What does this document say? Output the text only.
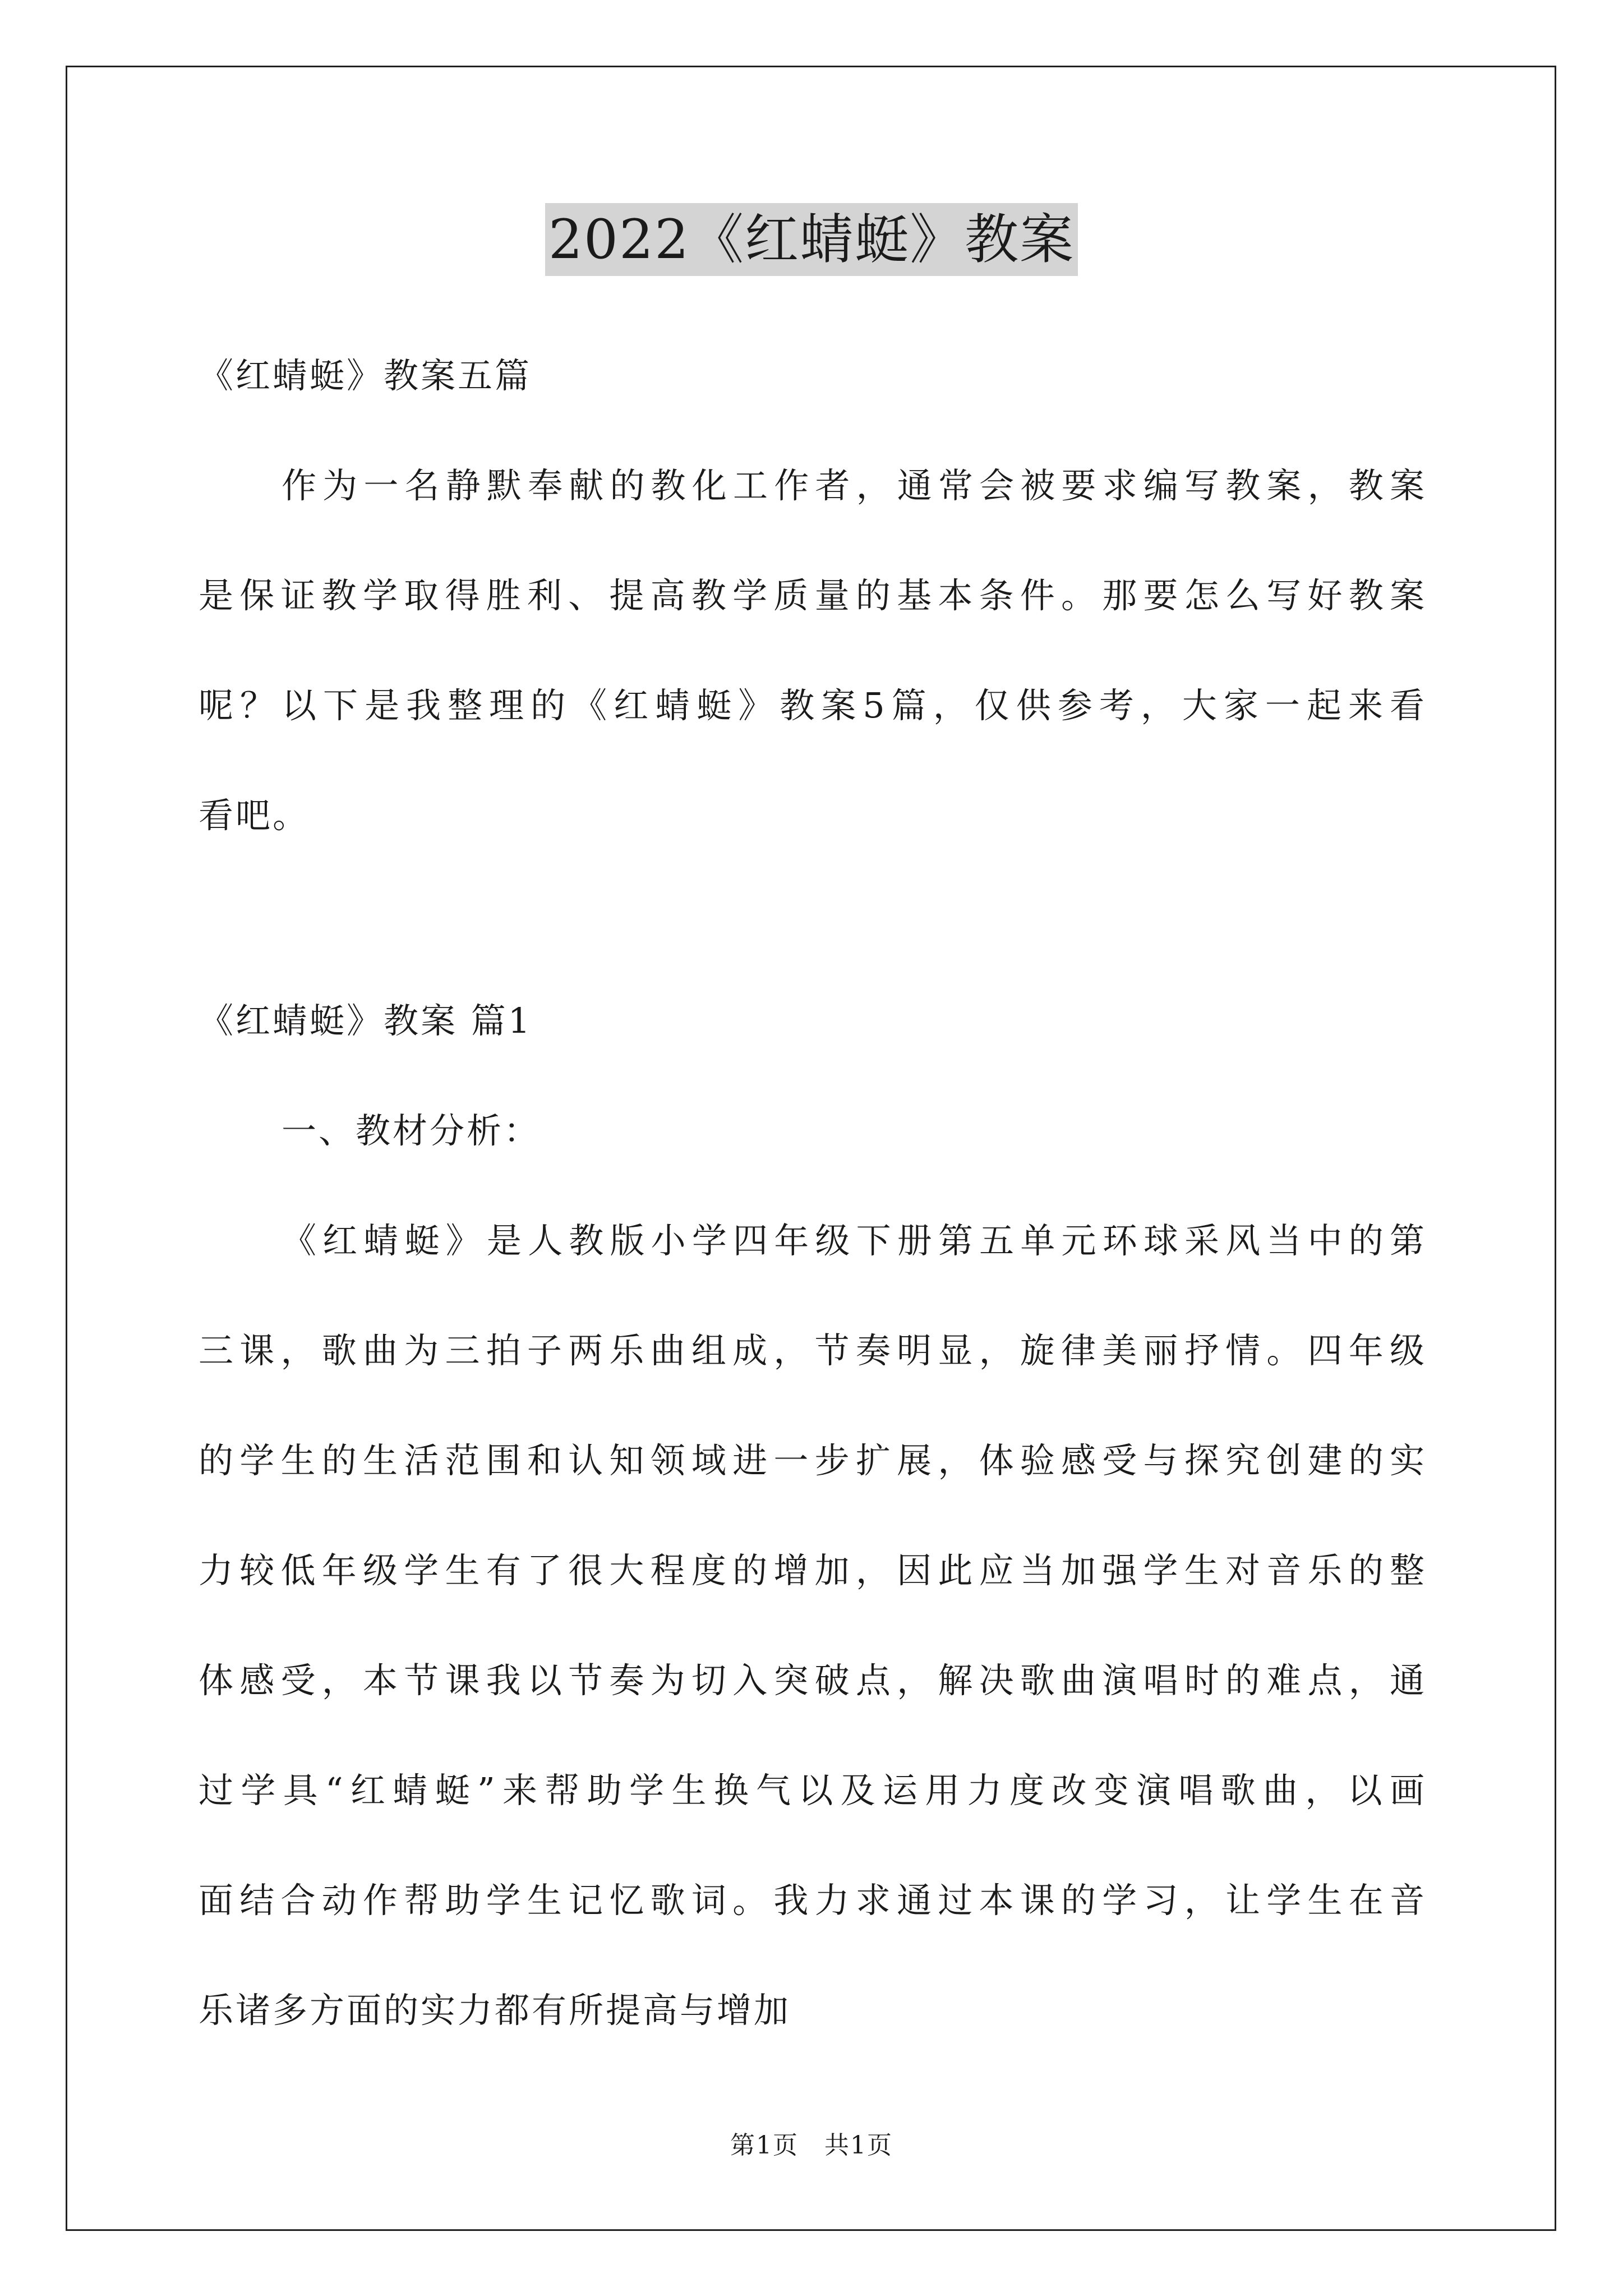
2022《红蜻蜓》教案
《红蜻蜓》教案五篇
作为一名静默奉献的教化工作者，通常会被要求编写教案，教案
是保证教学取得胜利、提高教学质量的基本条件。那要怎么写好教案
呢？以下是我整理的《红蜻蜓》教案5篇，仅供参考，大家一起来看
看吧。
《红蜻蜓》教案 篇1
一、教材分析：
《红蜻蜓》是人教版小学四年级下册第五单元环球采风当中的第
三课，歌曲为三拍子两乐曲组成，节奏明显，旋律美丽抒情。四年级
的学生的生活范围和认知领域进一步扩展，体验感受与探究创建的实
力较低年级学生有了很大程度的增加，因此应当加强学生对音乐的整
体感受，本节课我以节奏为切入突破点，解决歌曲演唱时的难点，通
过学具“红蜻蜓”来帮助学生换气以及运用力度改变演唱歌曲，以画
面结合动作帮助学生记忆歌词。我力求通过本课的学习，让学生在音
乐诸多方面的实力都有所提高与增加
第1页　共1页
